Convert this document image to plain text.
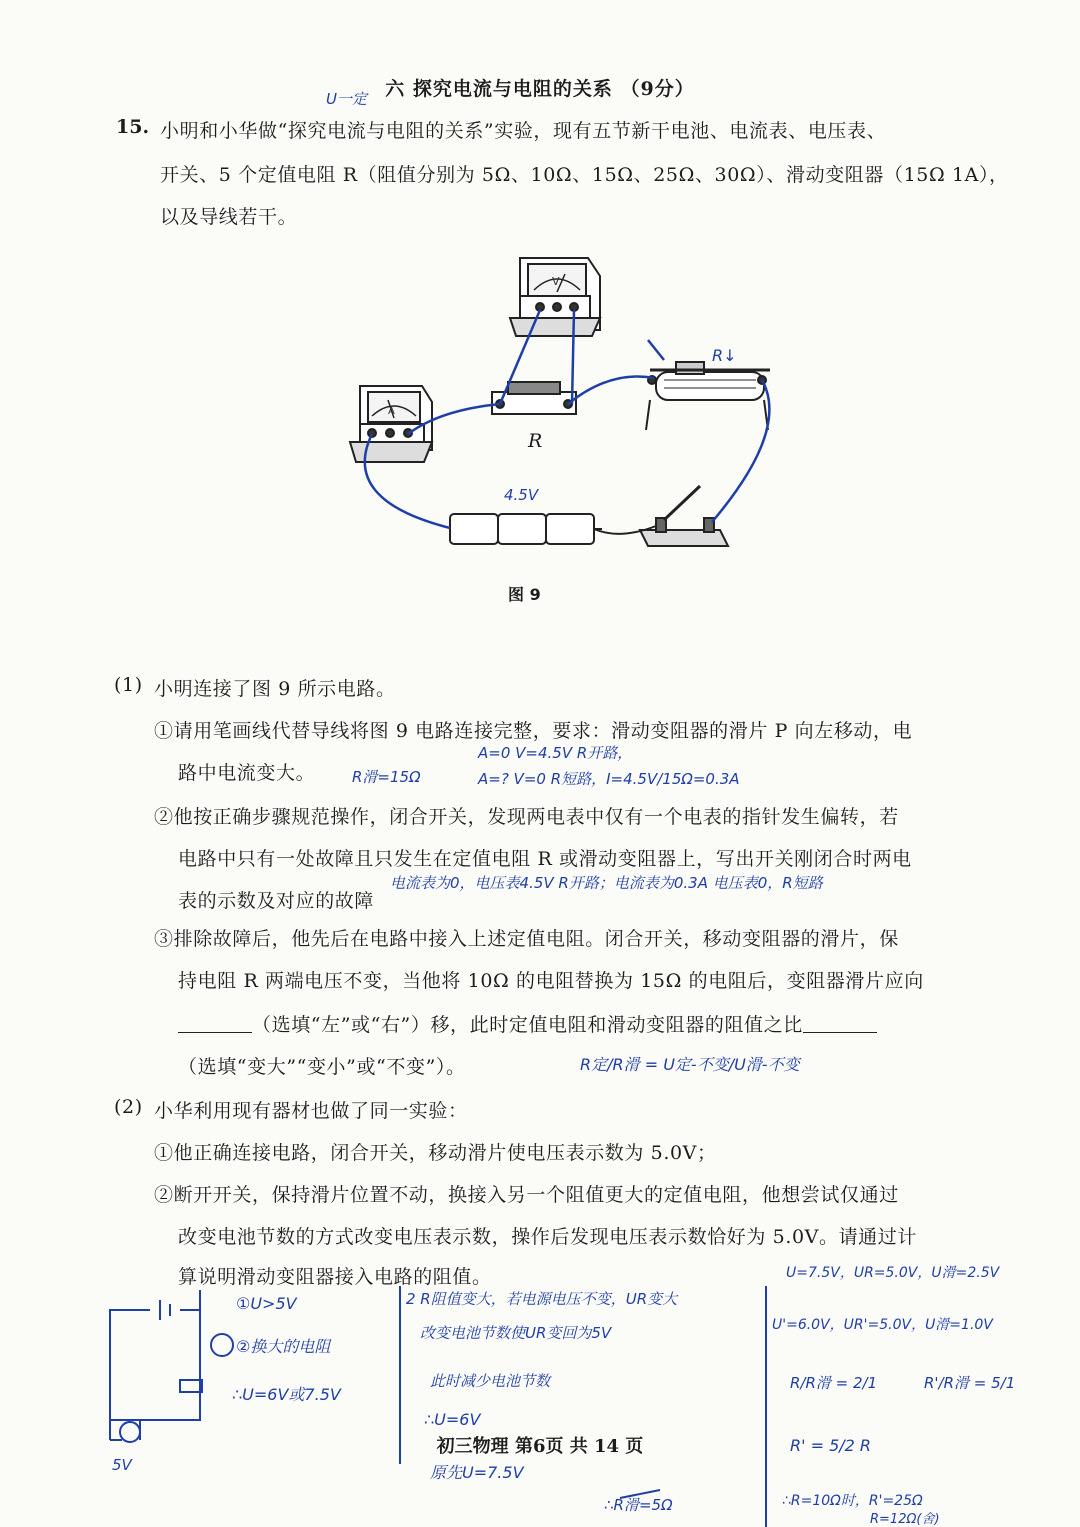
六 探究电流与电阻的关系 （9分）
15. 小明和小华做“探究电流与电阻的关系”实验，现有五节新干电池、电流表、电压表、
开关、5 个定值电阻 R（阻值分别为 5Ω、10Ω、15Ω、25Ω、30Ω）、滑动变阻器（15Ω 1A），
以及导线若干。
V
A
R
图 9
(1) 小明连接了图 9 所示电路。
①请用笔画线代替导线将图 9 电路连接完整，要求：滑动变阻器的滑片 P 向左移动，电
路中电流变大。
②他按正确步骤规范操作，闭合开关，发现两电表中仅有一个电表的指针发生偏转，若
电路中只有一处故障且只发生在定值电阻 R 或滑动变阻器上，写出开关刚闭合时两电
表的示数及对应的故障
③排除故障后，他先后在电路中接入上述定值电阻。闭合开关，移动变阻器的滑片，保
持电阻 R 两端电压不变，当他将 10Ω 的电阻替换为 15Ω 的电阻后，变阻器滑片应向
（选填“左”或“右”）移，此时定值电阻和滑动变阻器的阻值之比
（选填“变大”“变小”或“不变”）。
(2) 小华利用现有器材也做了同一实验：
①他正确连接电路，闭合开关，移动滑片使电压表示数为 5.0V；
②断开开关，保持滑片位置不动，换接入另一个阻值更大的定值电阻，他想尝试仅通过
改变电池节数的方式改变电压表示数，操作后发现电压表示数恰好为 5.0V。请通过计
算说明滑动变阻器接入电路的阻值。
初三物理 第6页 共 14 页
U一定
4.5V
R↓
R滑=15Ω
A=0 V=4.5V R开路，
A=? V=0 R短路，I=4.5V/15Ω=0.3A
电流表为0，电压表4.5V R开路；电流表为0.3A 电压表0，R短路
R定/R滑 = U定-不变/U滑-不变
①U>5V
②换大的电阻
∴U=6V或7.5V
5V
2 R阻值变大，若电源电压不变，UR变大
改变电池节数使UR变回为5V
此时减少电池节数
∴U=6V
原先U=7.5V
U=7.5V，UR=5.0V，U滑=2.5V
U'=6.0V，UR'=5.0V，U滑=1.0V
R/R滑 = 2/1	R'/R滑 = 5/1
R' = 5/2 R
∴R=10Ω时，R'=25Ω
R=12Ω(舍)
∴R滑=5Ω
